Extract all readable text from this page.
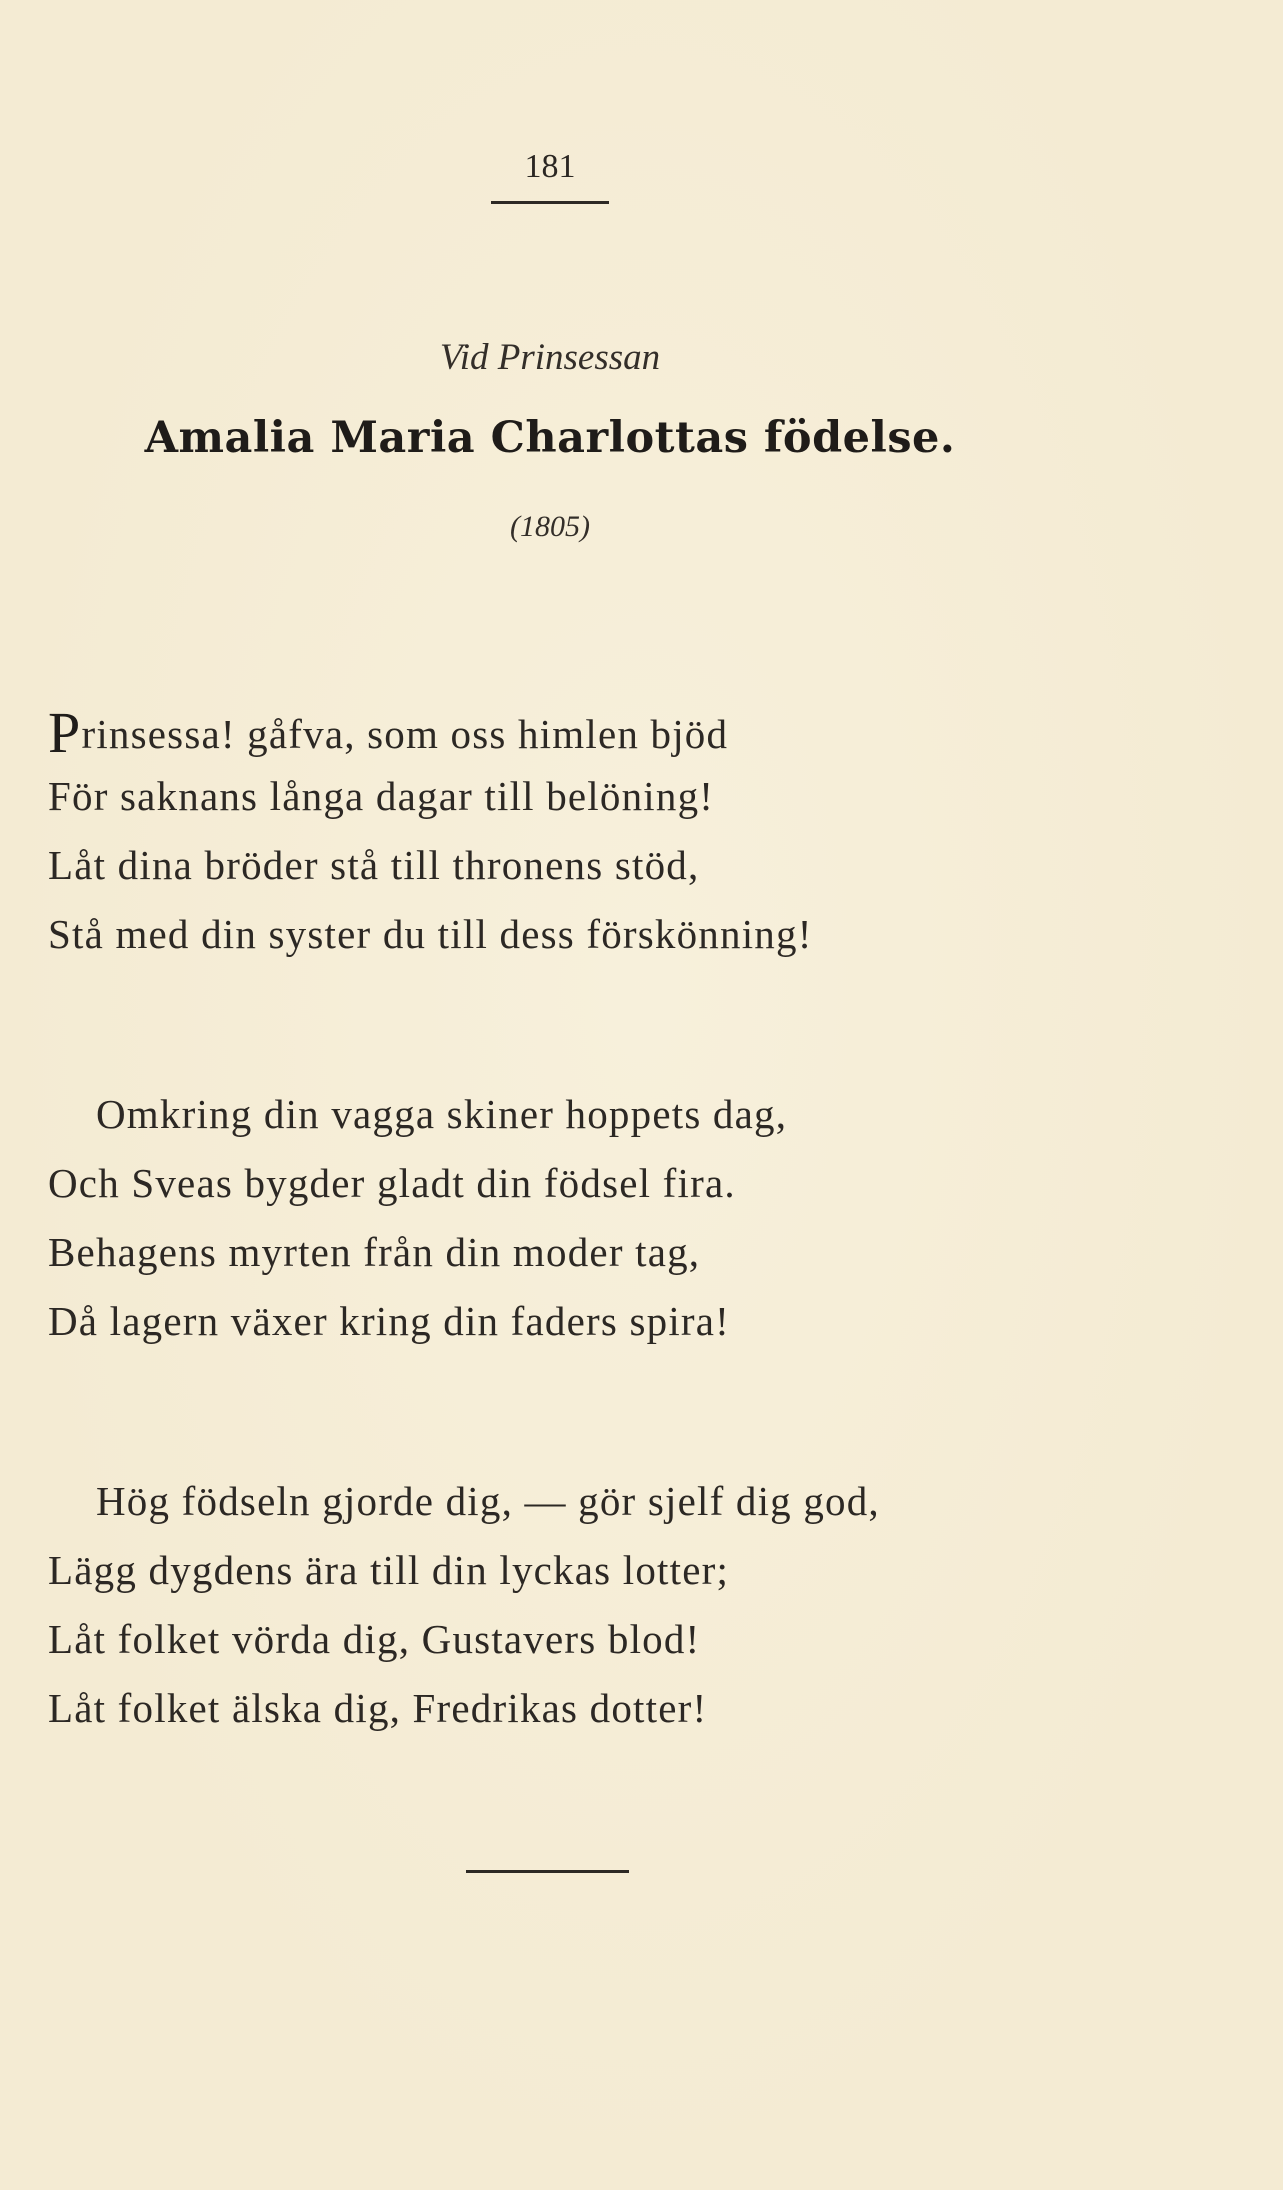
181
Vid Prinsessan
Amalia Maria Charlottas födelse.
(1805)
Prinsessa! gåfva, som oss himlen bjöd
För saknans långa dagar till belöning!
Låt dina bröder stå till thronens stöd,
Stå med din syster du till dess förskönning!
Omkring din vagga skiner hoppets dag,
Och Sveas bygder gladt din födsel fira.
Behagens myrten från din moder tag,
Då lagern växer kring din faders spira!
Hög födseln gjorde dig, — gör sjelf dig god,
Lägg dygdens ära till din lyckas lotter;
Låt folket vörda dig, Gustavers blod!
Låt folket älska dig, Fredrikas dotter!
